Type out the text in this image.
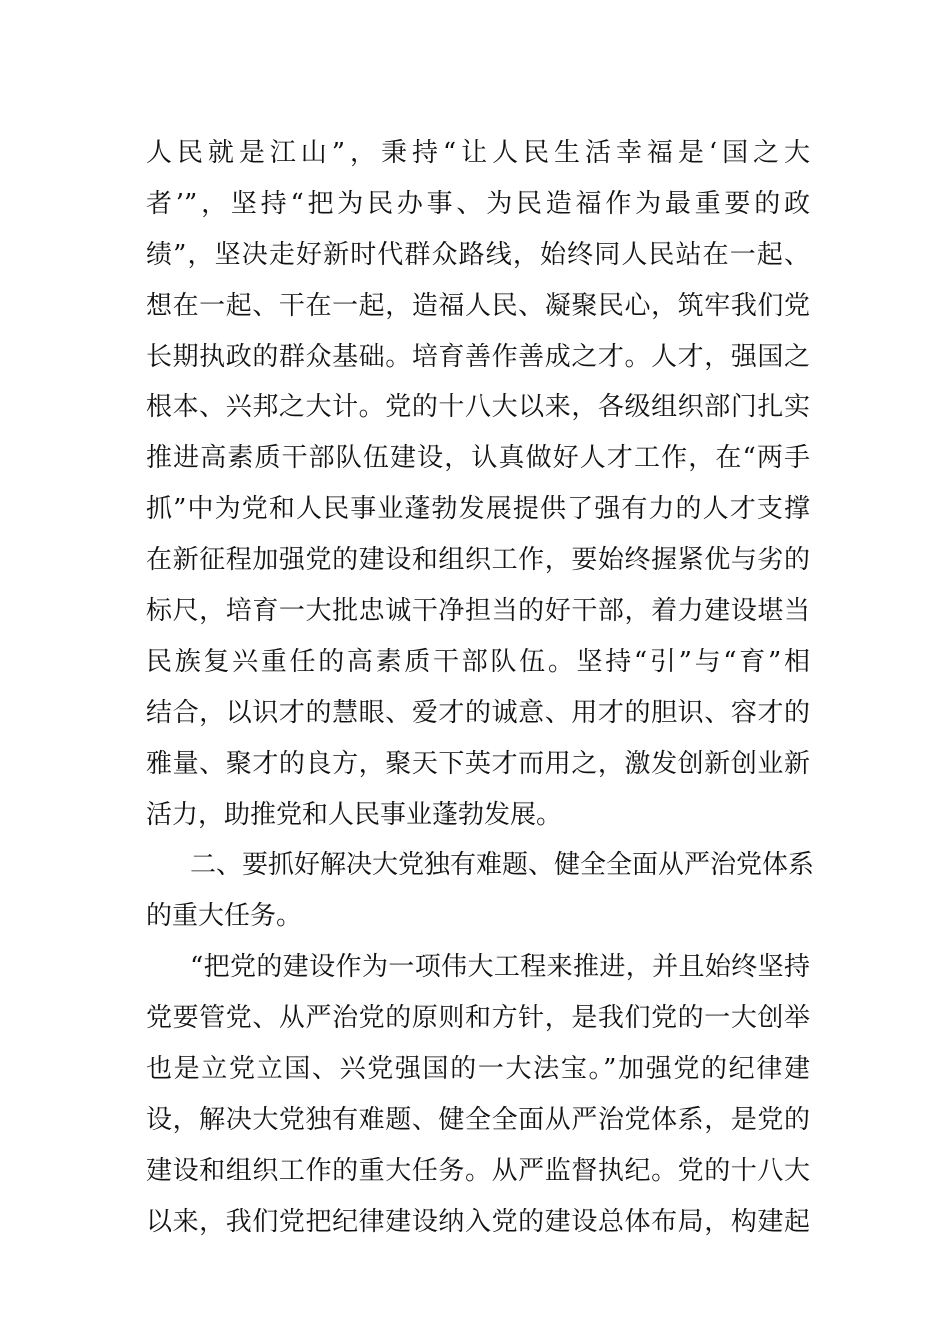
人民就是江山”，秉持“让人民生活幸福是‘国之大
者’”，坚持“把为民办事、为民造福作为最重要的政
绩”，坚决走好新时代群众路线，始终同人民站在一起、
想在一起、干在一起，造福人民、凝聚民心，筑牢我们党
长期执政的群众基础。培育善作善成之才。人才，强国之
根本、兴邦之大计。党的十八大以来，各级组织部门扎实
推进高素质干部队伍建设，认真做好人才工作，在“两手
抓”中为党和人民事业蓬勃发展提供了强有力的人才支撑
在新征程加强党的建设和组织工作，要始终握紧优与劣的
标尺，培育一大批忠诚干净担当的好干部，着力建设堪当
民族复兴重任的高素质干部队伍。坚持“引”与“育”相
结合，以识才的慧眼、爱才的诚意、用才的胆识、容才的
雅量、聚才的良方，聚天下英才而用之，激发创新创业新
活力，助推党和人民事业蓬勃发展。
二、要抓好解决大党独有难题、健全全面从严治党体系
的重大任务。
“把党的建设作为一项伟大工程来推进，并且始终坚持
党要管党、从严治党的原则和方针，是我们党的一大创举
也是立党立国、兴党强国的一大法宝。”加强党的纪律建
设，解决大党独有难题、健全全面从严治党体系，是党的
建设和组织工作的重大任务。从严监督执纪。党的十八大
以来，我们党把纪律建设纳入党的建设总体布局，构建起
